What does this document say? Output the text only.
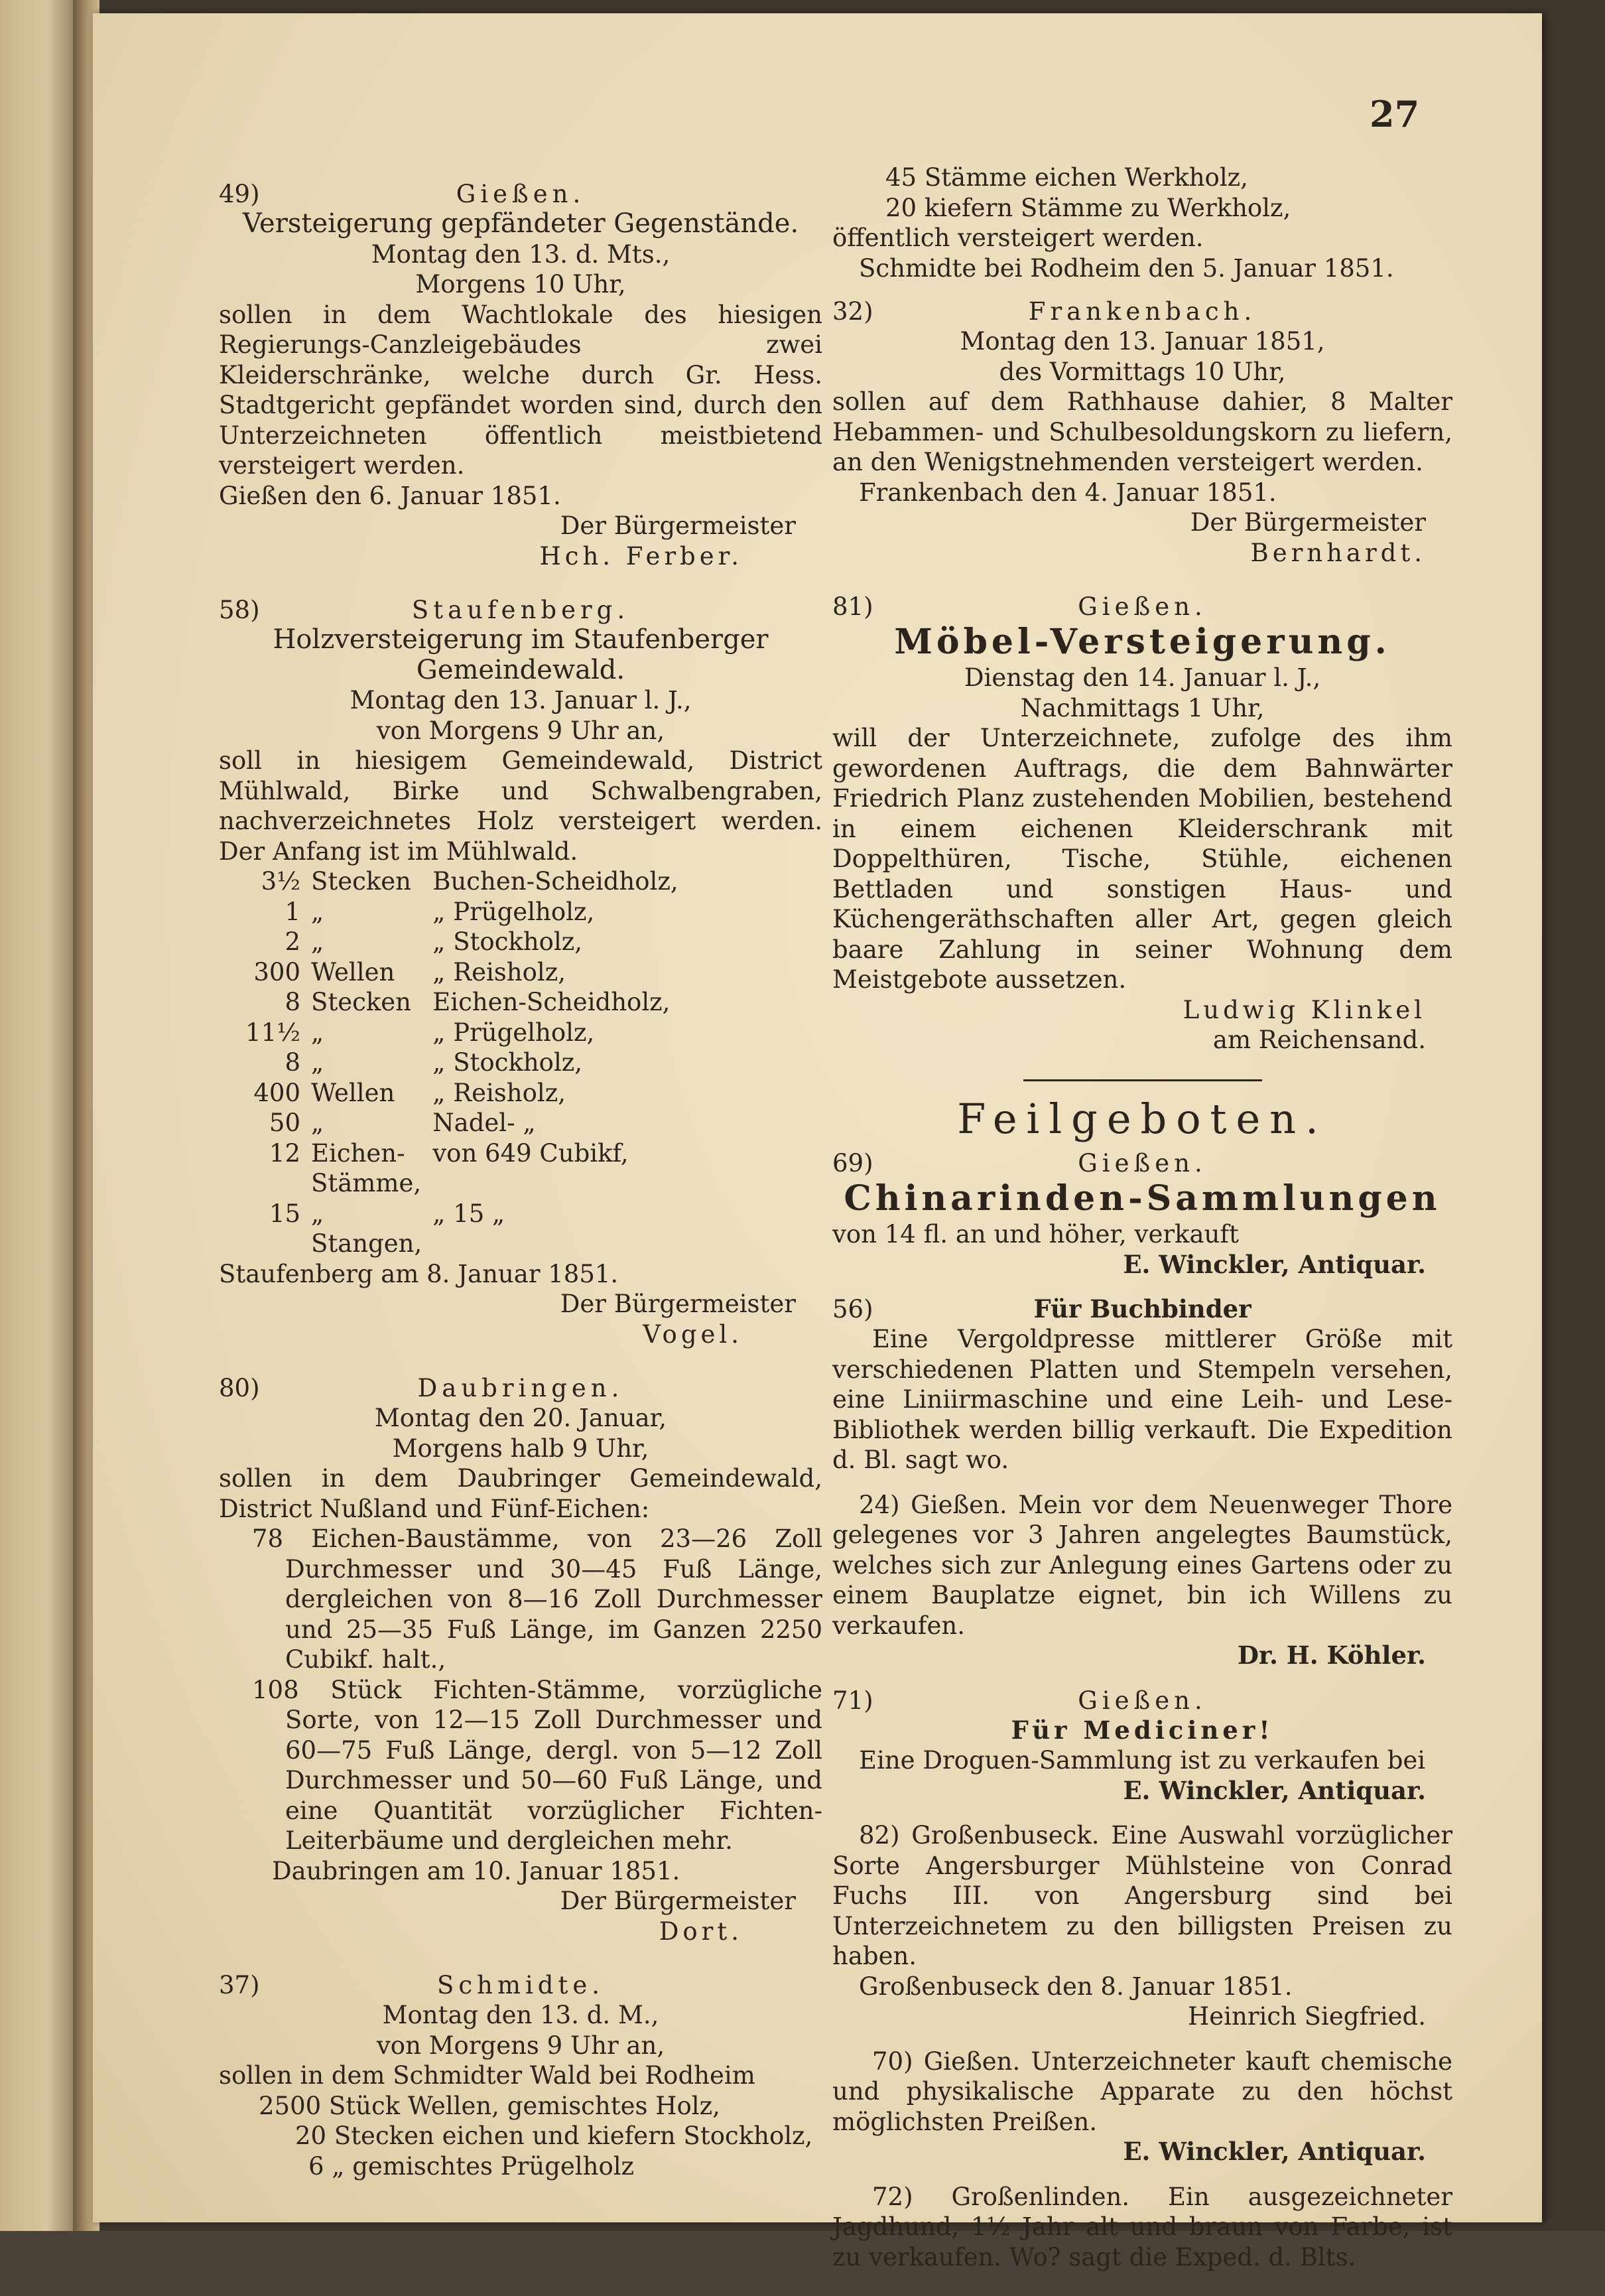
27
49)	Gießen.
Versteigerung gepfändeter Gegenstände.
Montag den 13. d. Mts.,
Morgens 10 Uhr,
sollen in dem Wachtlokale des hiesigen Regierungs-Canzleigebäudes zwei Kleiderschränke, welche durch Gr. Hess. Stadtgericht gepfändet worden sind, durch den Unterzeichneten öffentlich meistbietend versteigert werden.
Gießen den 6. Januar 1851.
Der Bürgermeister
Hch. Ferber.
58)	Staufenberg.
Holzversteigerung im Staufenberger Gemeindewald.
Montag den 13. Januar l. J.,
von Morgens 9 Uhr an,
soll in hiesigem Gemeindewald, District Mühlwald, Birke und Schwalbengraben, nachverzeichnetes Holz versteigert werden. Der Anfang ist im Mühlwald.
3½	Stecken	Buchen-Scheidholz,
1	„	„ Prügelholz,
2	„	„ Stockholz,
300	Wellen	„ Reisholz,
8	Stecken	Eichen-Scheidholz,
11½	„	„ Prügelholz,
8	„	„ Stockholz,
400	Wellen	„ Reisholz,
50	„	Nadel- „
12	Eichen-Stämme,	von 649 Cubikf,
15	„ Stangen,	„ 15 „
Staufenberg am 8. Januar 1851.
Der Bürgermeister
Vogel.
80)	Daubringen.
Montag den 20. Januar,
Morgens halb 9 Uhr,
sollen in dem Daubringer Gemeindewald, District Nußland und Fünf-Eichen:
78 Eichen-Baustämme, von 23—26 Zoll Durchmesser und 30—45 Fuß Länge, dergleichen von 8—16 Zoll Durchmesser und 25—35 Fuß Länge, im Ganzen 2250 Cubikf. halt.,
108 Stück Fichten-Stämme, vorzügliche Sorte, von 12—15 Zoll Durchmesser und 60—75 Fuß Länge, dergl. von 5—12 Zoll Durchmesser und 50—60 Fuß Länge, und eine Quantität vorzüglicher Fichten-Leiterbäume und dergleichen mehr.
Daubringen am 10. Januar 1851.
Der Bürgermeister
Dort.
37)	Schmidte.
Montag den 13. d. M.,
von Morgens 9 Uhr an,
sollen in dem Schmidter Wald bei Rodheim
2500 Stück Wellen, gemischtes Holz,
20 Stecken eichen und kiefern Stockholz,
6 „ gemischtes Prügelholz
45 Stämme eichen Werkholz,
20 kiefern Stämme zu Werkholz,
öffentlich versteigert werden.
Schmidte bei Rodheim den 5. Januar 1851.
32)	Frankenbach.
Montag den 13. Januar 1851,
des Vormittags 10 Uhr,
sollen auf dem Rathhause dahier, 8 Malter Hebammen- und Schulbesoldungskorn zu liefern, an den Wenigstnehmenden versteigert werden.
Frankenbach den 4. Januar 1851.
Der Bürgermeister
Bernhardt.
81)	Gießen.
Möbel-Versteigerung.
Dienstag den 14. Januar l. J.,
Nachmittags 1 Uhr,
will der Unterzeichnete, zufolge des ihm gewordenen Auftrags, die dem Bahnwärter Friedrich Planz zustehenden Mobilien, bestehend in einem eichenen Kleiderschrank mit Doppelthüren, Tische, Stühle, eichenen Bettladen und sonstigen Haus- und Küchengeräthschaften aller Art, gegen gleich baare Zahlung in seiner Wohnung dem Meistgebote aussetzen.
Ludwig Klinkel
am Reichensand.
Feilgeboten.
69)	Gießen.
Chinarinden-Sammlungen
von 14 fl. an und höher, verkauft
E. Winckler, Antiquar.
56)	Für Buchbinder
Eine Vergoldpresse mittlerer Größe mit verschiedenen Platten und Stempeln versehen, eine Liniirmaschine und eine Leih- und Lese-Bibliothek werden billig verkauft. Die Expedition d. Bl. sagt wo.
24) Gießen. Mein vor dem Neuenweger Thore gelegenes vor 3 Jahren angelegtes Baumstück, welches sich zur Anlegung eines Gartens oder zu einem Bauplatze eignet, bin ich Willens zu verkaufen.
Dr. H. Köhler.
71)	Gießen.
Für Mediciner!
Eine Droguen-Sammlung ist zu verkaufen bei
E. Winckler, Antiquar.
82) Großenbuseck. Eine Auswahl vorzüglicher Sorte Angersburger Mühlsteine von Conrad Fuchs III. von Angersburg sind bei Unterzeichnetem zu den billigsten Preisen zu haben.
Großenbuseck den 8. Januar 1851.
Heinrich Siegfried.
70) Gießen. Unterzeichneter kauft chemische und physikalische Apparate zu den höchst möglichsten Preißen.
E. Winckler, Antiquar.
72) Großenlinden. Ein ausgezeichneter Jagdhund, 1½ Jahr alt und braun von Farbe, ist zu verkaufen. Wo? sagt die Exped. d. Blts.
